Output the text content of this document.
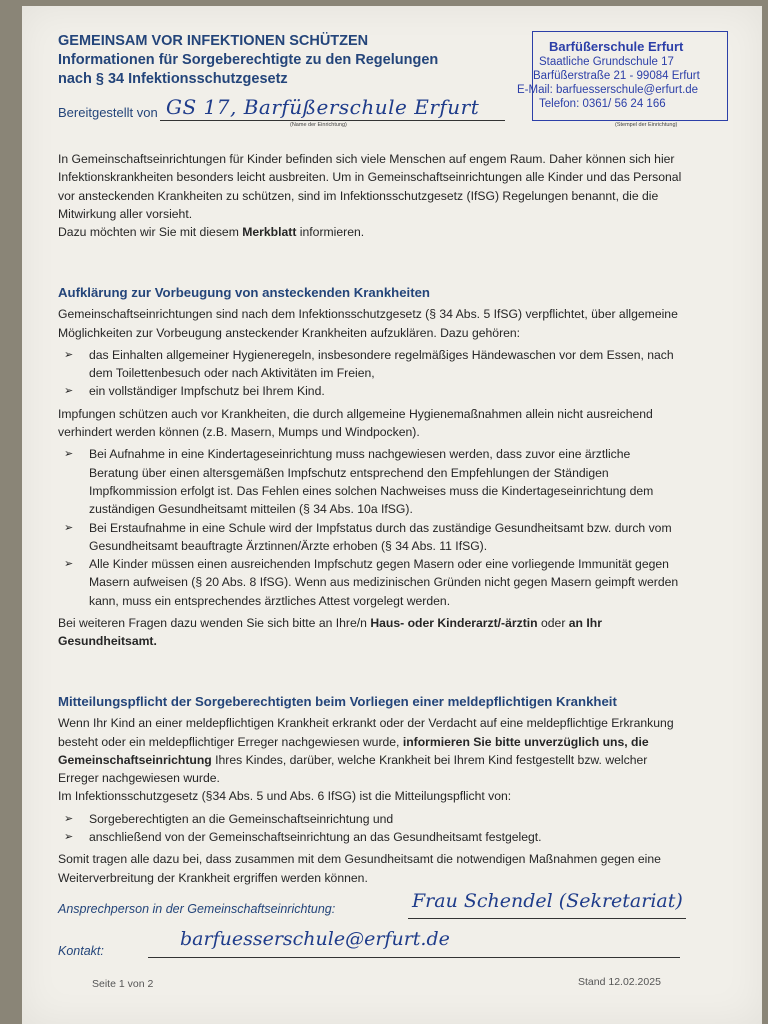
GEMEINSAM VOR INFEKTIONEN SCHÜTZEN

Informationen für Sorgeberechtigte zu den Regelungen

nach § 34 Infektionsschutzgesetz

Bereitgestellt von GS 17, Barfüßerschule Erfurt
(Name der Einrichtung)
Barfüßerschule Erfurt
Staatliche Grundschule 17
Barfüßerstraße 21 - 99084 Erfurt
E-Mail: barfuesserschule@erfurt.de
Telefon: 0361/ 56 24 166
(Stempel der Einrichtung)

In Gemeinschaftseinrichtungen für Kinder befinden sich viele Menschen auf engem Raum. Daher können sich hier Infektionskrankheiten besonders leicht ausbreiten. Um in Gemeinschaftseinrichtungen alle Kinder und das Personal vor ansteckenden Krankheiten zu schützen, sind im Infektionsschutzgesetz (IfSG) Regelungen benannt, die die Mitwirkung aller vorsieht.

Dazu möchten wir Sie mit diesem Merkblatt informieren.

Aufklärung zur Vorbeugung von ansteckenden Krankheiten

Gemeinschaftseinrichtungen sind nach dem Infektionsschutzgesetz (§ 34 Abs. 5 IfSG) verpflichtet, über allgemeine Möglichkeiten zur Vorbeugung ansteckender Krankheiten aufzuklären. Dazu gehören:

➢ das Einhalten allgemeiner Hygieneregeln, insbesondere regelmäßiges Händewaschen vor dem Essen, nach dem Toilettenbesuch oder nach Aktivitäten im Freien,
➢ ein vollständiger Impfschutz bei Ihrem Kind.

Impfungen schützen auch vor Krankheiten, die durch allgemeine Hygienemaßnahmen allein nicht ausreichend verhindert werden können (z.B. Masern, Mumps und Windpocken).

➢ Bei Aufnahme in eine Kindertageseinrichtung muss nachgewiesen werden, dass zuvor eine ärztliche Beratung über einen altersgemäßen Impfschutz entsprechend den Empfehlungen der Ständigen Impfkommission erfolgt ist. Das Fehlen eines solchen Nachweises muss die Kindertageseinrichtung dem zuständigen Gesundheitsamt mitteilen (§ 34 Abs. 10a IfSG).
➢ Bei Erstaufnahme in eine Schule wird der Impfstatus durch das zuständige Gesundheitsamt bzw. durch vom Gesundheitsamt beauftragte Ärztinnen/Ärzte erhoben (§ 34 Abs. 11 IfSG).
➢ Alle Kinder müssen einen ausreichenden Impfschutz gegen Masern oder eine vorliegende Immunität gegen Masern aufweisen (§ 20 Abs. 8 IfSG). Wenn aus medizinischen Gründen nicht gegen Masern geimpft werden kann, muss ein entsprechendes ärztliches Attest vorgelegt werden.

Bei weiteren Fragen dazu wenden Sie sich bitte an Ihre/n Haus- oder Kinderarzt/-ärztin oder an Ihr Gesundheitsamt.

Mitteilungspflicht der Sorgeberechtigten beim Vorliegen einer meldepflichtigen Krankheit

Wenn Ihr Kind an einer meldepflichtigen Krankheit erkrankt oder der Verdacht auf eine meldepflichtige Erkrankung besteht oder ein meldepflichtiger Erreger nachgewiesen wurde, informieren Sie bitte unverzüglich uns, die Gemeinschaftseinrichtung Ihres Kindes, darüber, welche Krankheit bei Ihrem Kind festgestellt bzw. welcher Erreger nachgewiesen wurde.

Im Infektionsschutzgesetz (§34 Abs. 5 und Abs. 6 IfSG) ist die Mitteilungspflicht von:

➢ Sorgeberechtigten an die Gemeinschaftseinrichtung und
➢ anschließend von der Gemeinschaftseinrichtung an das Gesundheitsamt festgelegt.

Somit tragen alle dazu bei, dass zusammen mit dem Gesundheitsamt die notwendigen Maßnahmen gegen eine Weiterverbreitung der Krankheit ergriffen werden können.

Ansprechperson in der Gemeinschaftseinrichtung:	Frau Schendel (Sekretariat)
Kontakt:
barfuesserschule@erfurt.de
Seite 1 von 2	Stand 12.02.2025
